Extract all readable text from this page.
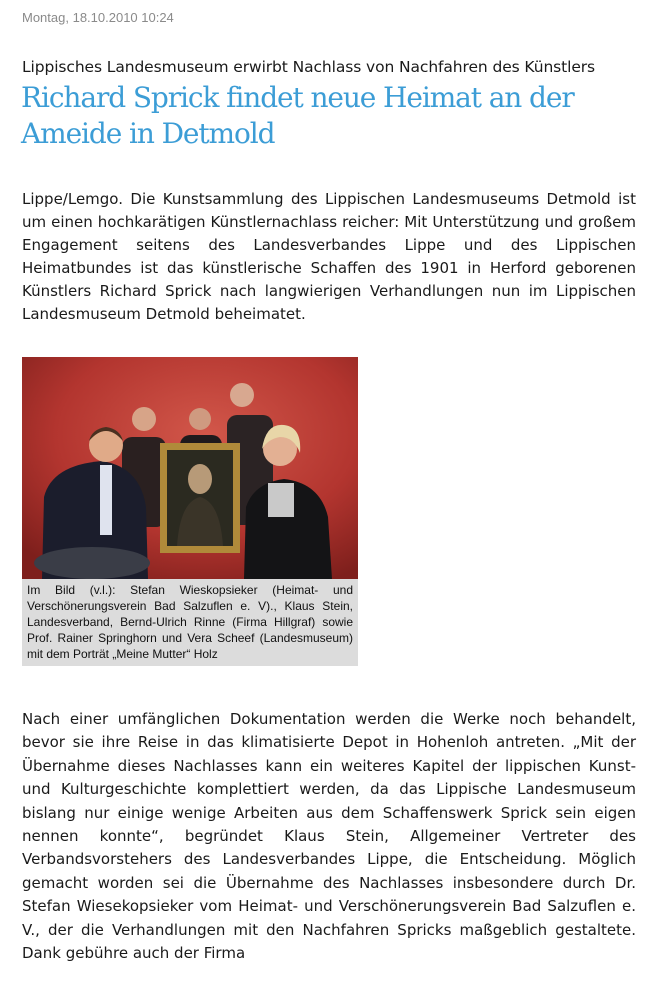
Montag, 18.10.2010 10:24
Lippisches Landesmuseum erwirbt Nachlass von Nachfahren des Künstlers
Richard Sprick findet neue Heimat an der Ameide in Detmold

Lippe/Lemgo. Die Kunstsammlung des Lippischen Landesmuseums Detmold ist um einen hochkarätigen Künstlernachlass reicher: Mit Unterstützung und großem Engagement seitens des Landesverbandes Lippe und des Lippischen Heimatbundes ist das künstlerische Schaffen des 1901 in Herford geborenen Künstlers Richard Sprick nach langwierigen Verhandlungen nun im Lippischen Landesmuseum Detmold beheimatet.

Im Bild (v.l.): Stefan Wieskopsieker (Heimat- und Verschönerungsverein Bad Salzuflen e. V)., Klaus Stein, Landesverband, Bernd-Ulrich Rinne (Firma Hillgraf) sowie Prof. Rainer Springhorn und Vera Scheef (Landesmuseum) mit dem Porträt „Meine Mutter“ Holz

Nach einer umfänglichen Dokumentation werden die Werke noch behandelt, bevor sie ihre Reise in das klimatisierte Depot in Hohenloh antreten. „Mit der Übernahme dieses Nachlasses kann ein weiteres Kapitel der lippischen Kunst- und Kulturgeschichte komplettiert werden, da das Lippische Landesmuseum bislang nur einige wenige Arbeiten aus dem Schaffenswerk Sprick sein eigen nennen konnte“, begründet Klaus Stein, Allgemeiner Vertreter des Verbandsvorstehers des Landesverbandes Lippe, die Entscheidung. Möglich gemacht worden sei die Übernahme des Nachlasses insbesondere durch Dr. Stefan Wiesekopsieker vom Heimat- und Verschönerungsverein Bad Salzuflen e. V., der die Verhandlungen mit den Nachfahren Spricks maßgeblich gestaltete. Dank gebühre auch der Firma
